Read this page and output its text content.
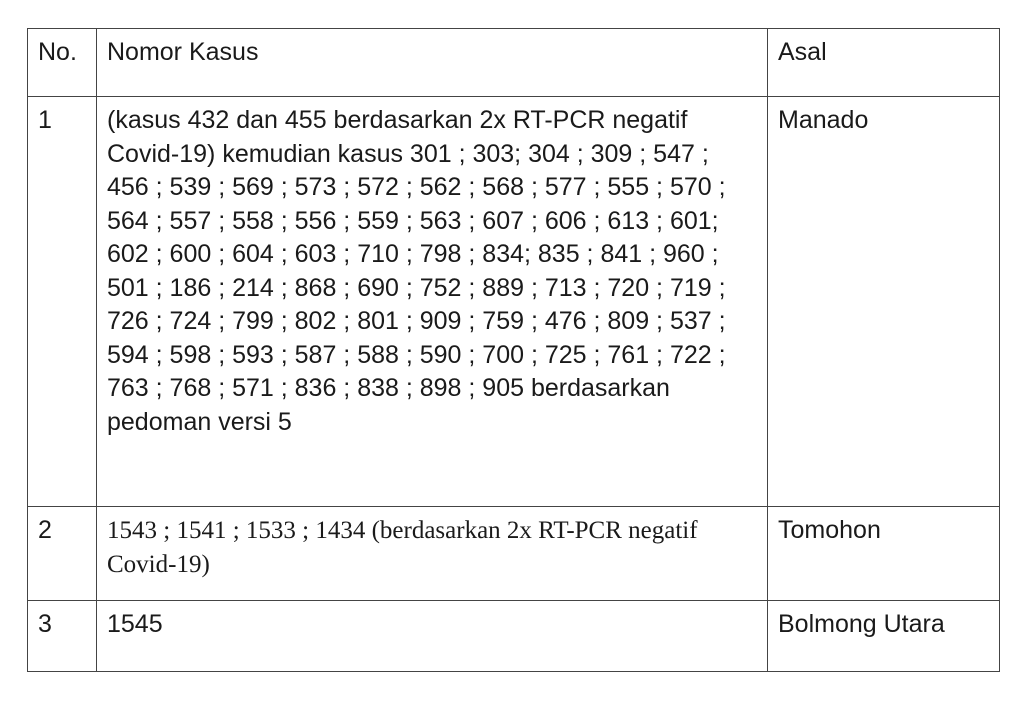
No.	Nomor Kasus	Asal

1	(kasus 432 dan 455 berdasarkan 2x RT-PCR negatif Covid-19) kemudian kasus 301 ; 303; 304 ; 309 ; 547 ; 456 ; 539 ; 569 ; 573 ; 572 ; 562 ; 568 ; 577 ; 555 ; 570 ; 564 ; 557 ; 558 ; 556 ; 559 ; 563 ; 607 ; 606 ; 613 ; 601; 602 ; 600 ; 604 ; 603 ; 710 ; 798 ; 834; 835 ; 841 ; 960 ; 501 ; 186 ; 214 ; 868 ; 690 ; 752 ; 889 ; 713 ; 720 ; 719 ; 726 ; 724 ; 799 ; 802 ; 801 ; 909 ; 759 ; 476 ; 809 ; 537 ; 594 ; 598 ; 593 ; 587 ; 588 ; 590 ; 700 ; 725 ; 761 ; 722 ; 763 ; 768 ; 571 ; 836 ; 838 ; 898 ; 905 berdasarkan pedoman versi 5	Manado

2	1543 ; 1541 ; 1533 ; 1434 (berdasarkan 2x RT-PCR negatif Covid-19)	Tomohon

3	1545	Bolmong Utara
